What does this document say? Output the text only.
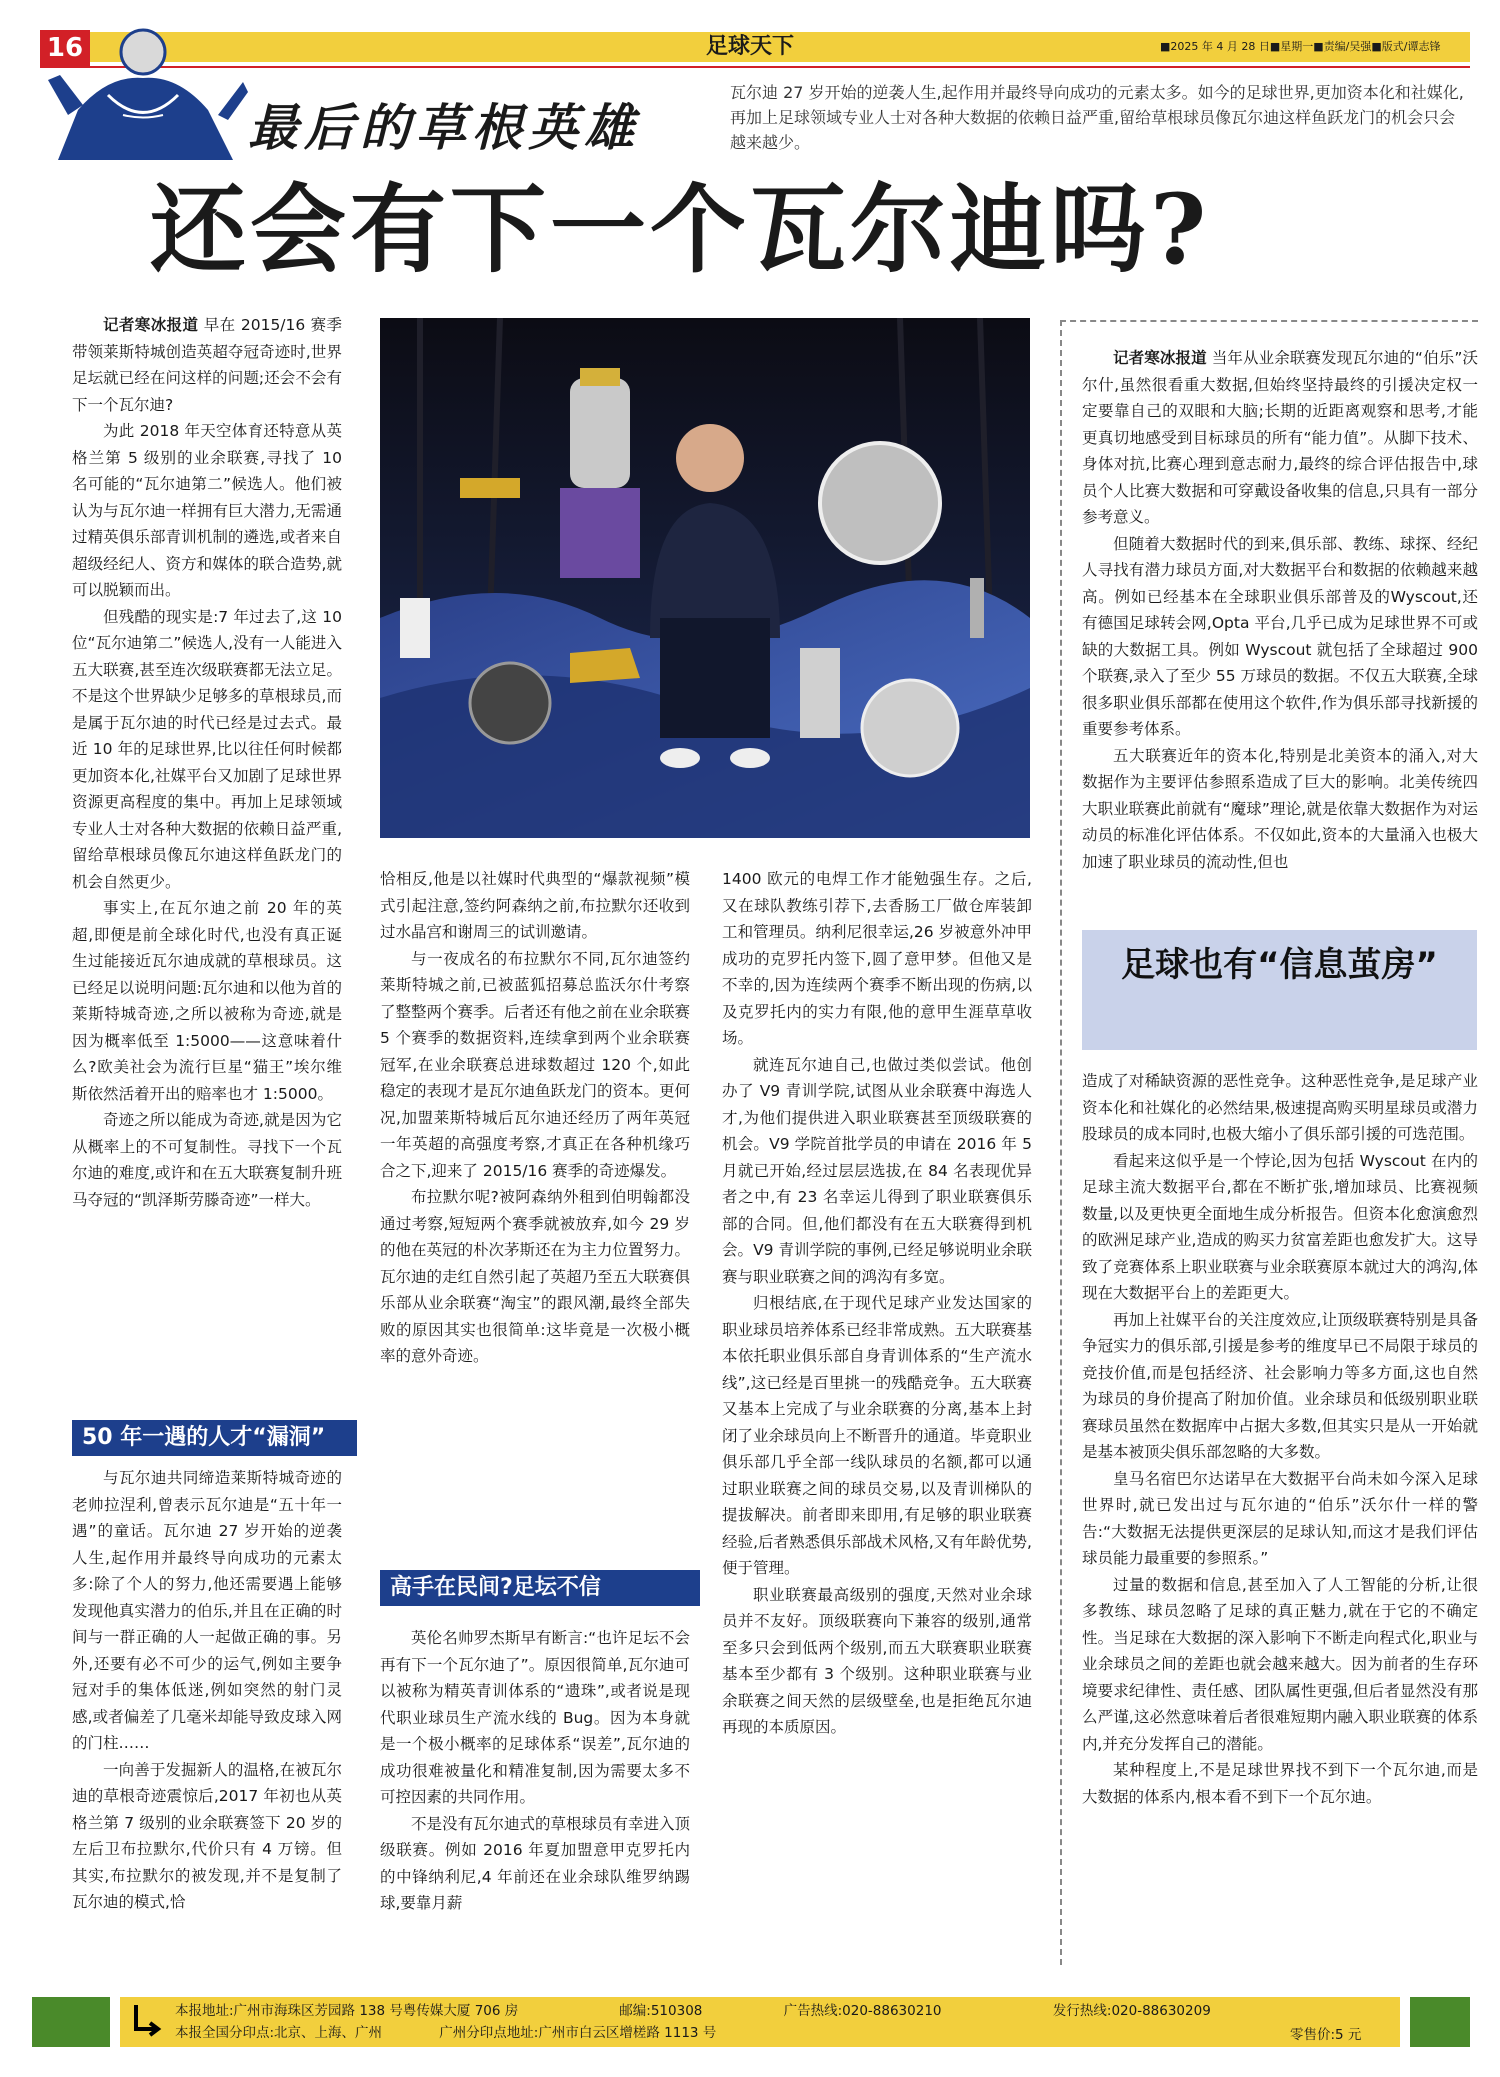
16	足球天下	■2025 年 4 月 28 日■星期一■责编/吴强■版式/谭志锋
最后的草根英雄
瓦尔迪 27 岁开始的逆袭人生,起作用并最终导向成功的元素太多。如今的足球世界,更加资本化和社媒化,再加上足球领域专业人士对各种大数据的依赖日益严重,留给草根球员像瓦尔迪这样鱼跃龙门的机会只会越来越少。
还会有下一个瓦尔迪吗?

记者寒冰报道 早在 2015/16 赛季带领莱斯特城创造英超夺冠奇迹时,世界足坛就已经在问这样的问题;还会不会有下一个瓦尔迪?

为此 2018 年天空体育还特意从英格兰第 5 级别的业余联赛,寻找了 10 名可能的“瓦尔迪第二”候选人。他们被认为与瓦尔迪一样拥有巨大潜力,无需通过精英俱乐部青训机制的遴选,或者来自超级经纪人、资方和媒体的联合造势,就可以脱颖而出。

但残酷的现实是:7 年过去了,这 10 位“瓦尔迪第二”候选人,没有一人能进入五大联赛,甚至连次级联赛都无法立足。不是这个世界缺少足够多的草根球员,而是属于瓦尔迪的时代已经是过去式。最近 10 年的足球世界,比以往任何时候都更加资本化,社媒平台又加剧了足球世界资源更高程度的集中。再加上足球领域专业人士对各种大数据的依赖日益严重,留给草根球员像瓦尔迪这样鱼跃龙门的机会自然更少。

事实上,在瓦尔迪之前 20 年的英超,即便是前全球化时代,也没有真正诞生过能接近瓦尔迪成就的草根球员。这已经足以说明问题:瓦尔迪和以他为首的莱斯特城奇迹,之所以被称为奇迹,就是因为概率低至 1:5000——这意味着什么?欧美社会为流行巨星“猫王”埃尔维斯依然活着开出的赔率也才 1:5000。

奇迹之所以能成为奇迹,就是因为它从概率上的不可复制性。寻找下一个瓦尔迪的难度,或许和在五大联赛复制升班马夺冠的“凯泽斯劳滕奇迹”一样大。

50 年一遇的人才“漏洞”

与瓦尔迪共同缔造莱斯特城奇迹的老帅拉涅利,曾表示瓦尔迪是“五十年一遇”的童话。瓦尔迪 27 岁开始的逆袭人生,起作用并最终导向成功的元素太多:除了个人的努力,他还需要遇上能够发现他真实潜力的伯乐,并且在正确的时间与一群正确的人一起做正确的事。另外,还要有必不可少的运气,例如主要争冠对手的集体低迷,例如突然的射门灵感,或者偏差了几毫米却能导致皮球入网的门柱……

一向善于发掘新人的温格,在被瓦尔迪的草根奇迹震惊后,2017 年初也从英格兰第 7 级别的业余联赛签下 20 岁的左后卫布拉默尔,代价只有 4 万镑。但其实,布拉默尔的被发现,并不是复制了瓦尔迪的模式,恰

恰相反,他是以社媒时代典型的“爆款视频”模式引起注意,签约阿森纳之前,布拉默尔还收到过水晶宫和谢周三的试训邀请。

与一夜成名的布拉默尔不同,瓦尔迪签约莱斯特城之前,已被蓝狐招募总监沃尔什考察了整整两个赛季。后者还有他之前在业余联赛 5 个赛季的数据资料,连续拿到两个业余联赛冠军,在业余联赛总进球数超过 120 个,如此稳定的表现才是瓦尔迪鱼跃龙门的资本。更何况,加盟莱斯特城后瓦尔迪还经历了两年英冠一年英超的高强度考察,才真正在各种机缘巧合之下,迎来了 2015/16 赛季的奇迹爆发。

布拉默尔呢?被阿森纳外租到伯明翰都没通过考察,短短两个赛季就被放弃,如今 29 岁的他在英冠的朴次茅斯还在为主力位置努力。瓦尔迪的走红自然引起了英超乃至五大联赛俱乐部从业余联赛“淘宝”的跟风潮,最终全部失败的原因其实也很简单:这毕竟是一次极小概率的意外奇迹。

高手在民间?足坛不信

英伦名帅罗杰斯早有断言:“也许足坛不会再有下一个瓦尔迪了”。原因很简单,瓦尔迪可以被称为精英青训体系的“遗珠”,或者说是现代职业球员生产流水线的 Bug。因为本身就是一个极小概率的足球体系“误差”,瓦尔迪的成功很难被量化和精准复制,因为需要太多不可控因素的共同作用。

不是没有瓦尔迪式的草根球员有幸进入顶级联赛。例如 2016 年夏加盟意甲克罗托内的中锋纳利尼,4 年前还在业余球队维罗纳踢球,要靠月薪

1400 欧元的电焊工作才能勉强生存。之后,又在球队教练引荐下,去香肠工厂做仓库装卸工和管理员。纳利尼很幸运,26 岁被意外冲甲成功的克罗托内签下,圆了意甲梦。但他又是不幸的,因为连续两个赛季不断出现的伤病,以及克罗托内的实力有限,他的意甲生涯草草收场。

就连瓦尔迪自己,也做过类似尝试。他创办了 V9 青训学院,试图从业余联赛中海选人才,为他们提供进入职业联赛甚至顶级联赛的机会。V9 学院首批学员的申请在 2016 年 5 月就已开始,经过层层选拔,在 84 名表现优异者之中,有 23 名幸运儿得到了职业联赛俱乐部的合同。但,他们都没有在五大联赛得到机会。V9 青训学院的事例,已经足够说明业余联赛与职业联赛之间的鸿沟有多宽。

归根结底,在于现代足球产业发达国家的职业球员培养体系已经非常成熟。五大联赛基本依托职业俱乐部自身青训体系的“生产流水线”,这已经是百里挑一的残酷竞争。五大联赛又基本上完成了与业余联赛的分离,基本上封闭了业余球员向上不断晋升的通道。毕竟职业俱乐部几乎全部一线队球员的名额,都可以通过职业联赛之间的球员交易,以及青训梯队的提拔解决。前者即来即用,有足够的职业联赛经验,后者熟悉俱乐部战术风格,又有年龄优势,便于管理。

职业联赛最高级别的强度,天然对业余球员并不友好。顶级联赛向下兼容的级别,通常至多只会到低两个级别,而五大联赛职业联赛基本至少都有 3 个级别。这种职业联赛与业余联赛之间天然的层级壁垒,也是拒绝瓦尔迪再现的本质原因。

记者寒冰报道 当年从业余联赛发现瓦尔迪的“伯乐”沃尔什,虽然很看重大数据,但始终坚持最终的引援决定权一定要靠自己的双眼和大脑;长期的近距离观察和思考,才能更真切地感受到目标球员的所有“能力值”。从脚下技术、身体对抗,比赛心理到意志耐力,最终的综合评估报告中,球员个人比赛大数据和可穿戴设备收集的信息,只具有一部分参考意义。

但随着大数据时代的到来,俱乐部、教练、球探、经纪人寻找有潜力球员方面,对大数据平台和数据的依赖越来越高。例如已经基本在全球职业俱乐部普及的Wyscout,还有德国足球转会网,Opta 平台,几乎已成为足球世界不可或缺的大数据工具。例如 Wyscout 就包括了全球超过 900 个联赛,录入了至少 55 万球员的数据。不仅五大联赛,全球很多职业俱乐部都在使用这个软件,作为俱乐部寻找新援的重要参考体系。

五大联赛近年的资本化,特别是北美资本的涌入,对大数据作为主要评估参照系造成了巨大的影响。北美传统四大职业联赛此前就有“魔球”理论,就是依靠大数据作为对运动员的标准化评估体系。不仅如此,资本的大量涌入也极大加速了职业球员的流动性,但也

足球也有“信息茧房”

造成了对稀缺资源的恶性竞争。这种恶性竞争,是足球产业资本化和社媒化的必然结果,极速提高购买明星球员或潜力股球员的成本同时,也极大缩小了俱乐部引援的可选范围。

看起来这似乎是一个悖论,因为包括 Wyscout 在内的足球主流大数据平台,都在不断扩张,增加球员、比赛视频数量,以及更快更全面地生成分析报告。但资本化愈演愈烈的欧洲足球产业,造成的购买力贫富差距也愈发扩大。这导致了竞赛体系上职业联赛与业余联赛原本就过大的鸿沟,体现在大数据平台上的差距更大。

再加上社媒平台的关注度效应,让顶级联赛特别是具备争冠实力的俱乐部,引援是参考的维度早已不局限于球员的竞技价值,而是包括经济、社会影响力等多方面,这也自然为球员的身价提高了附加价值。业余球员和低级别职业联赛球员虽然在数据库中占据大多数,但其实只是从一开始就是基本被顶尖俱乐部忽略的大多数。

皇马名宿巴尔达诺早在大数据平台尚未如今深入足球世界时,就已发出过与瓦尔迪的“伯乐”沃尔什一样的警告:“大数据无法提供更深层的足球认知,而这才是我们评估球员能力最重要的参照系。”

过量的数据和信息,甚至加入了人工智能的分析,让很多教练、球员忽略了足球的真正魅力,就在于它的不确定性。当足球在大数据的深入影响下不断走向程式化,职业与业余球员之间的差距也就会越来越大。因为前者的生存环境要求纪律性、责任感、团队属性更强,但后者显然没有那么严谨,这必然意味着后者很难短期内融入职业联赛的体系内,并充分发挥自己的潜能。

某种程度上,不是足球世界找不到下一个瓦尔迪,而是大数据的体系内,根本看不到下一个瓦尔迪。

本报地址:广州市海珠区芳园路 138 号粤传媒大厦 706 房	邮编:510308	广告热线:020-88630210	发行热线:020-88630209
本报全国分印点:北京、上海、广州	广州分印点地址:广州市白云区增槎路 1113 号	零售价:5 元
